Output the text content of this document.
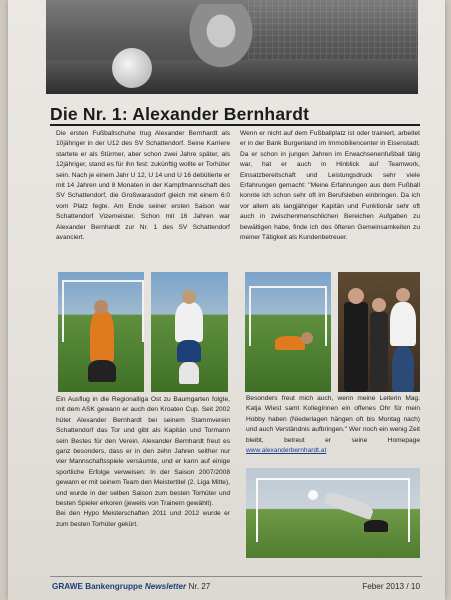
Die Nr. 1: Alexander Bernhardt

Die ersten Fußballschuhe trug Alexander Bernhardt als 10jähriger in der U12 des SV Schattendorf. Seine Karriere startete er als Stürmer, aber schon zwei Jahre später, als 12jähriger, stand es für ihn fest: zukünftig wollte er Torhüter sein. Nach je einem Jahr U 12, U 14 und U 16 debütierte er mit 14 Jahren und 8 Monaten in der Kampfmannschaft des SV Schattendorf, die Großwarasdorf gleich mit einem 6:0 vom Platz fegte. Am Ende seiner ersten Saison war Schattendorf Vizemeister. Schon mit 16 Jahren war Alexander Bernhardt zur Nr. 1 des SV Schattendorf avanciert.

Wenn er nicht auf dem Fußballplatz ist oder trainiert, arbeitet er in der Bank Burgenland im Immobiliencenter in Eisenstadt. Da er schon in jungen Jahren im Erwachsenenfußball tätig war, hat er auch in Hinblick auf Teamwork, Einsatzbereitschaft und Leistungsdruck sehr viele Erfahrungen gemacht: "Meine Erfahrungen aus dem Fußball konnte ich schon sehr oft im Berufsleben einbringen. Da ich vor allem als langjähriger Kapitän und Funktionär sehr oft auch in zwischenmenschlichen Bereichen Aufgaben zu bewältigen habe, finde ich des öfteren Gemeinsamkeiten zu meiner Tätigkeit als Kundenbetreuer.

Ein Ausflug in die Regionalliga Ost zu Baumgarten folgte, mit dem ASK gewann er auch den Kroaten Cup. Seit 2002 hütet Alexander Bernhardt bei seinem Stammverein Schattendorf das Tor und gibt als Kapitän und Tormann sein Bestes für den Verein. Alexander Bernhardt freut es ganz besonders, dass er in den zehn Jahren seither nur vier Mannschaftsspiele versäumte, und er kann auf einige sportliche Erfolge verweisen: In der Saison 2007/2008 gewann er mit seinem Team den Meistertitel (2. Liga Mitte), und wurde in der selben Saison zum besten Torhüter und besten Spieler erkoren (jeweils von Trainern gewählt).
Bei den Hypo Meisterschaften 2011 und 2012 wurde er zum besten Torhüter gekürt.

Besonders freut mich auch, wenn meine Leiterin Mag. Katja Wiest samt KollegInnen ein offenes Ohr für mein Hobby haben (Niederlagen hängen oft bis Montag nach) und auch Verständnis aufbringen." Wer noch ein wenig Zeit bleibt, betreut er seine Homepage www.alexanderbernhardt.at

GRAWE Bankengruppe Newsletter Nr. 27	Feber 2013 / 10
